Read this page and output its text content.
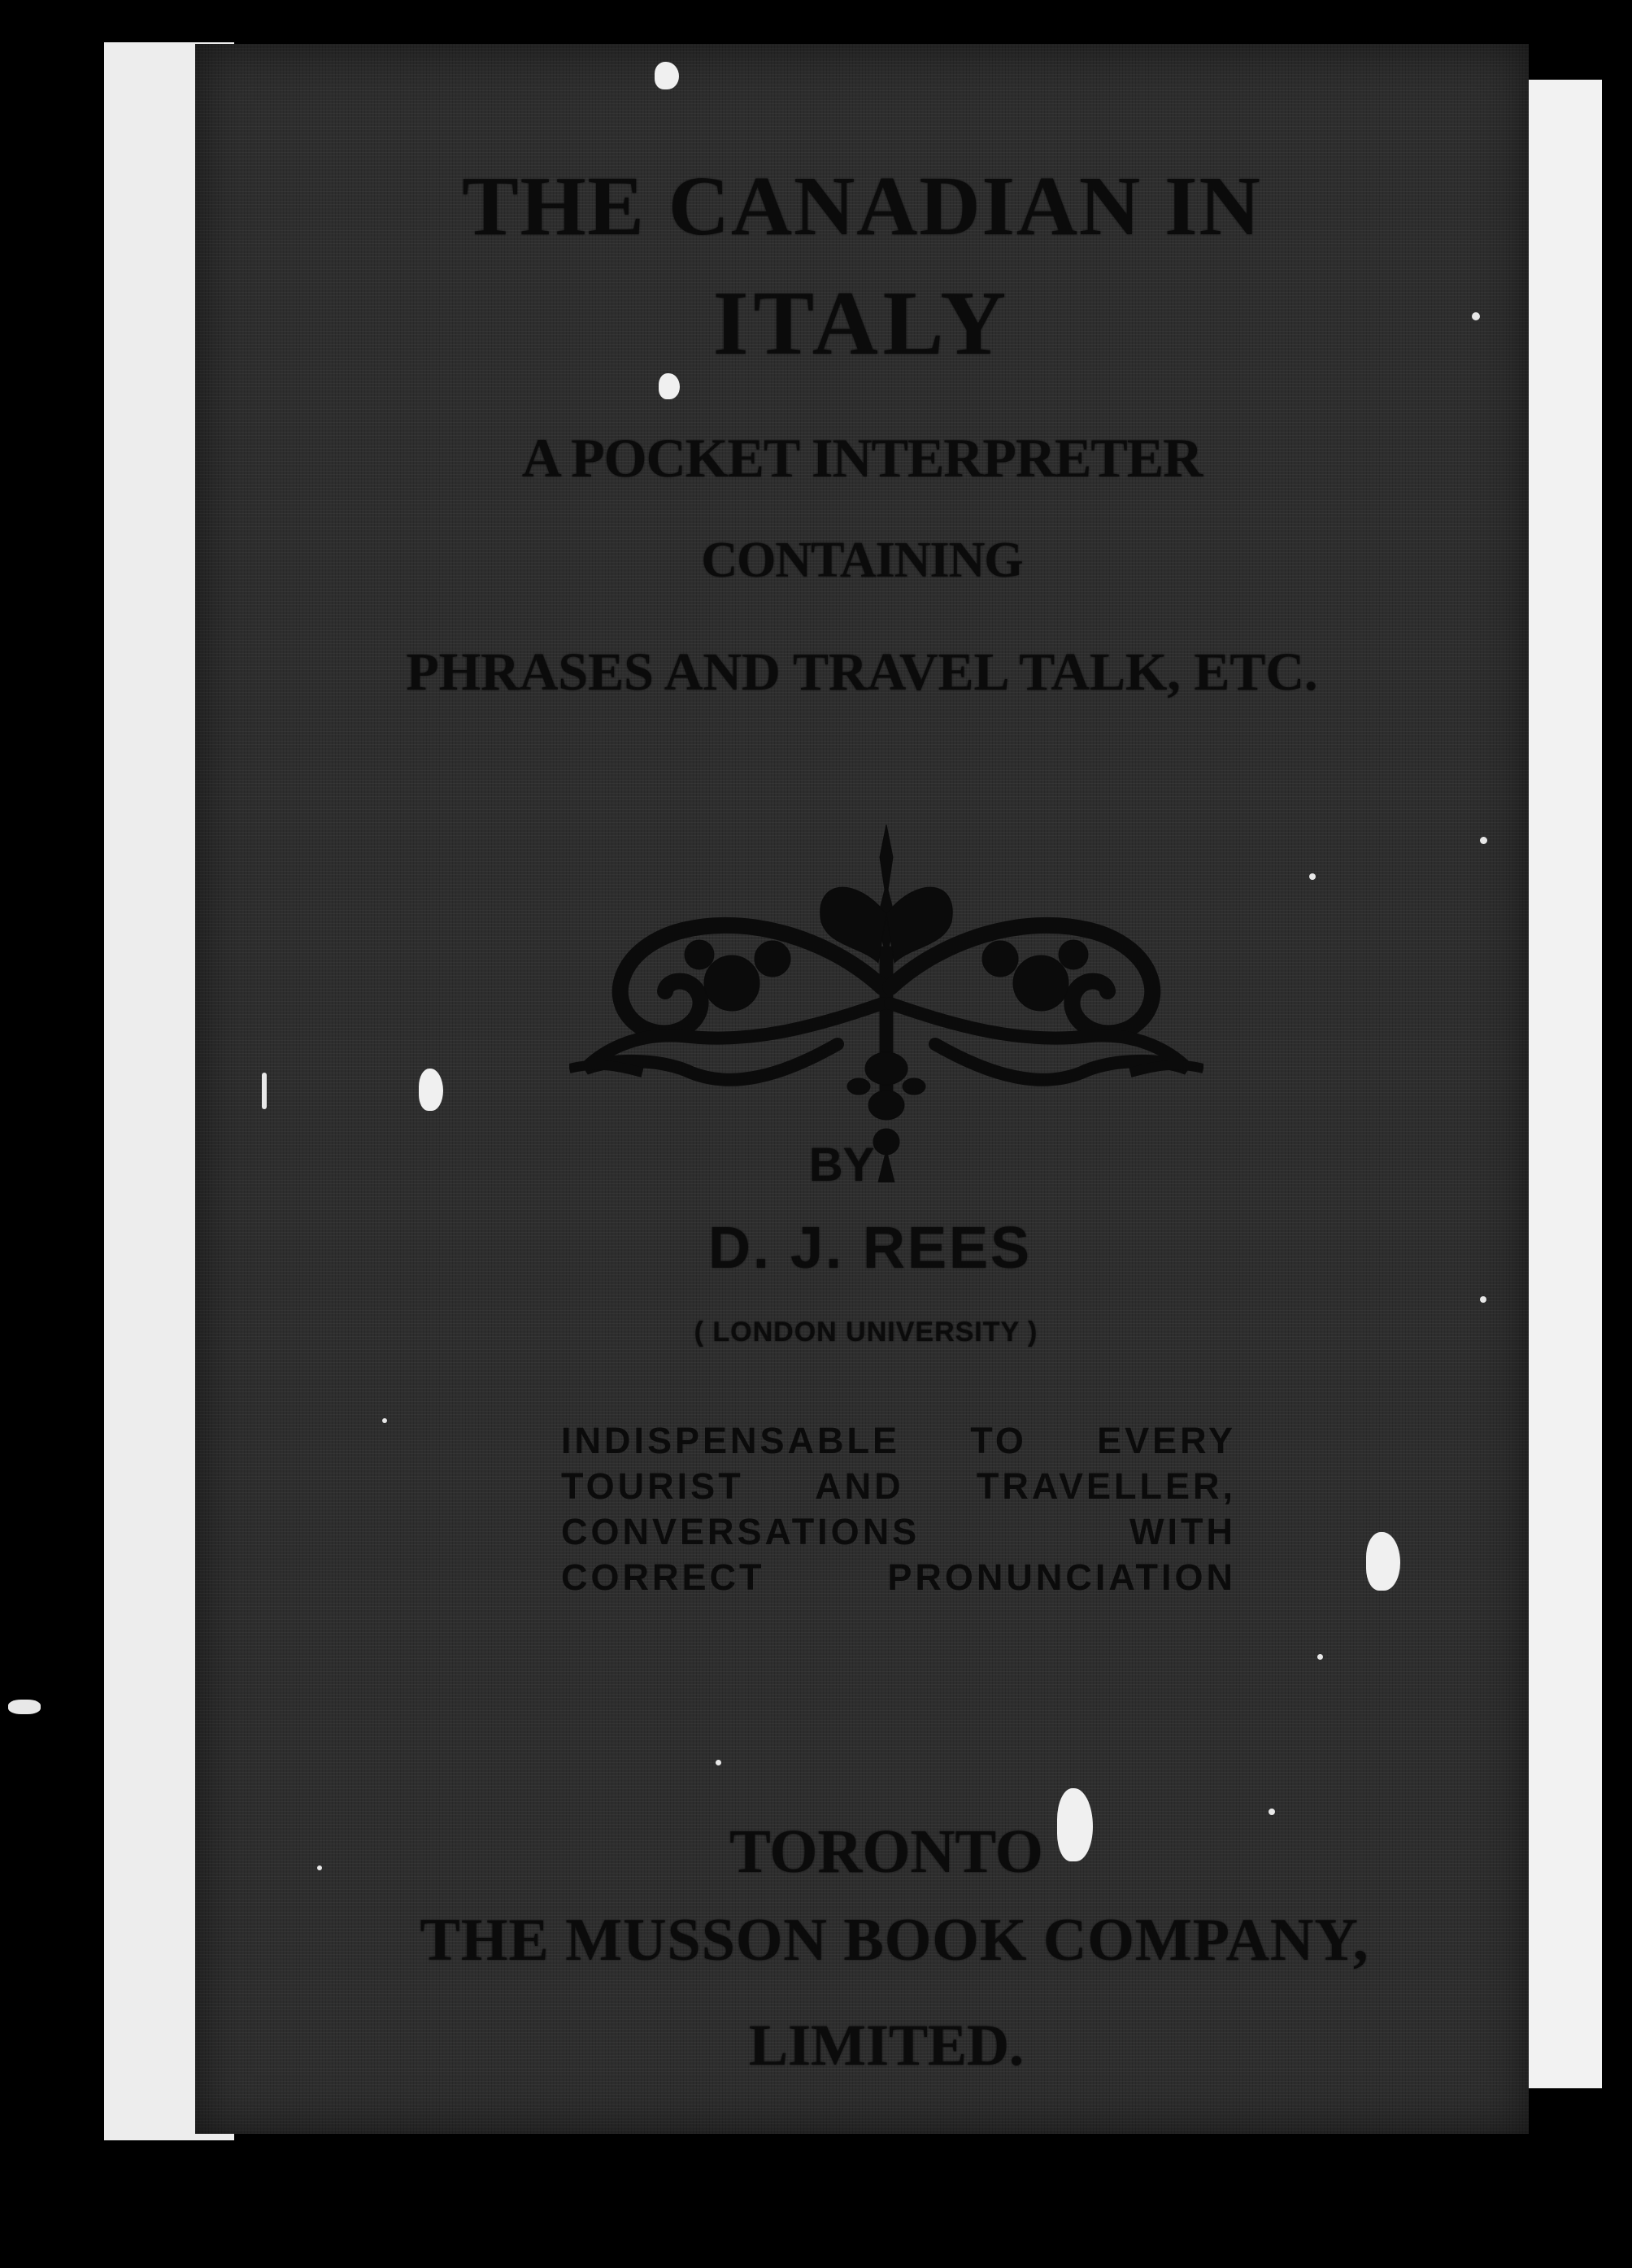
THE CANADIAN IN
ITALY
A POCKET INTERPRETER
CONTAINING
PHRASES AND TRAVEL TALK, ETC.
BY
D. J. REES
( LONDON UNIVERSITY )
INDISPENSABLE TO EVERY
TOURIST AND TRAVELLER,
CONVERSATIONS WITH
CORRECT PRONUNCIATION
TORONTO
THE MUSSON BOOK COMPANY,
LIMITED.
